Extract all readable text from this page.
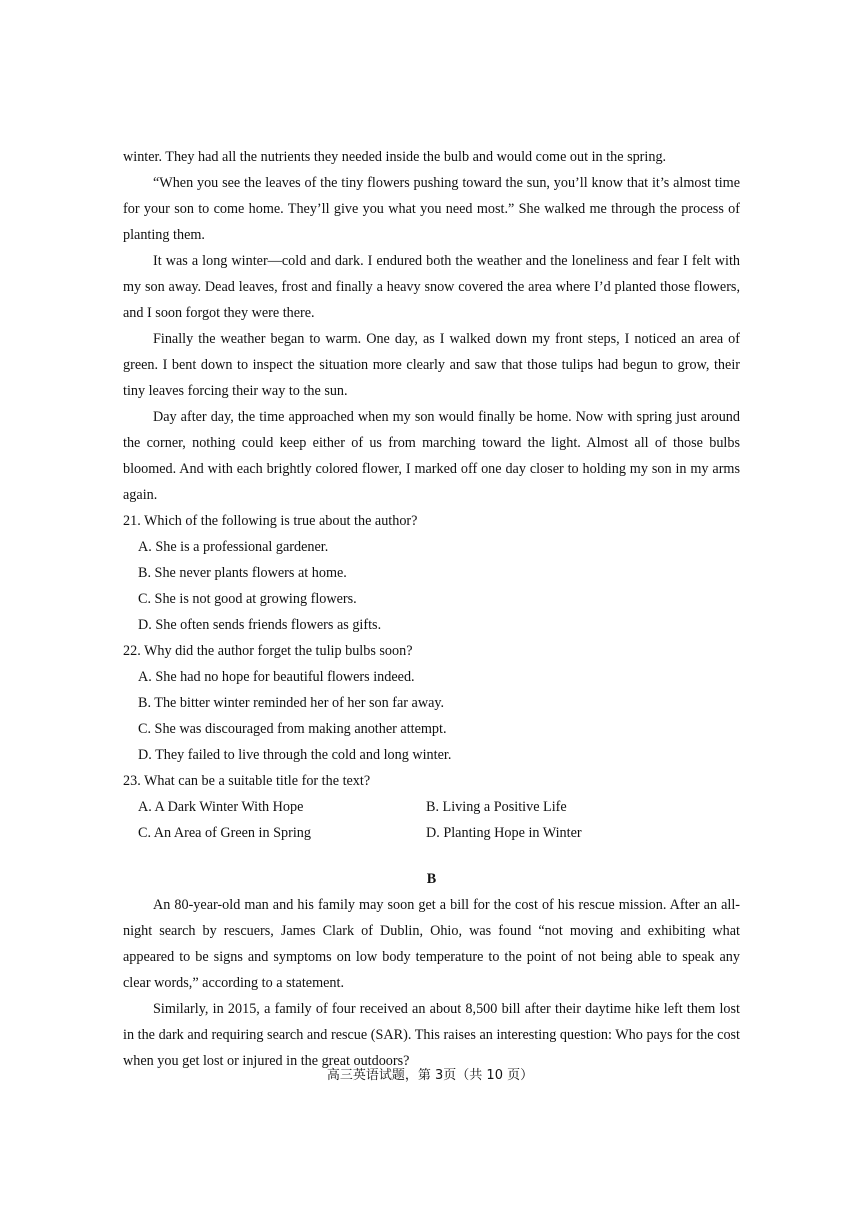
winter. They had all the nutrients they needed inside the bulb and would come out in the spring.

“When you see the leaves of the tiny flowers pushing toward the sun, you’ll know that it’s almost time for your son to come home. They’ll give you what you need most.” She walked me through the process of planting them.

It was a long winter—cold and dark. I endured both the weather and the loneliness and fear I felt with my son away. Dead leaves, frost and finally a heavy snow covered the area where I’d planted those flowers, and I soon forgot they were there.

Finally the weather began to warm. One day, as I walked down my front steps, I noticed an area of green. I bent down to inspect the situation more clearly and saw that those tulips had begun to grow, their tiny leaves forcing their way to the sun.

Day after day, the time approached when my son would finally be home. Now with spring just around the corner, nothing could keep either of us from marching toward the light. Almost all of those bulbs bloomed. And with each brightly colored flower, I marked off one day closer to holding my son in my arms again.

21. Which of the following is true about the author?

A. She is a professional gardener.

B. She never plants flowers at home.

C. She is not good at growing flowers.

D. She often sends friends flowers as gifts.

22. Why did the author forget the tulip bulbs soon?

A. She had no hope for beautiful flowers indeed.

B. The bitter winter reminded her of her son far away.

C. She was discouraged from making another attempt.

D. They failed to live through the cold and long winter.

23. What can be a suitable title for the text?

A. A Dark Winter With Hope	B. Living a Positive Life
C. An Area of Green in Spring	D. Planting Hope in Winter

B

An 80-year-old man and his family may soon get a bill for the cost of his rescue mission. After an all-night search by rescuers, James Clark of Dublin, Ohio, was found “not moving and exhibiting what appeared to be signs and symptoms on low body temperature to the point of not being able to speak any clear words,” according to a statement.

Similarly, in 2015, a family of four received an about 8,500 bill after their daytime hike left them lost in the dark and requiring search and rescue (SAR). This raises an interesting question: Who pays for the cost when you get lost or injured in the great outdoors?

高三英语试题，第 3页（共 10 页）
